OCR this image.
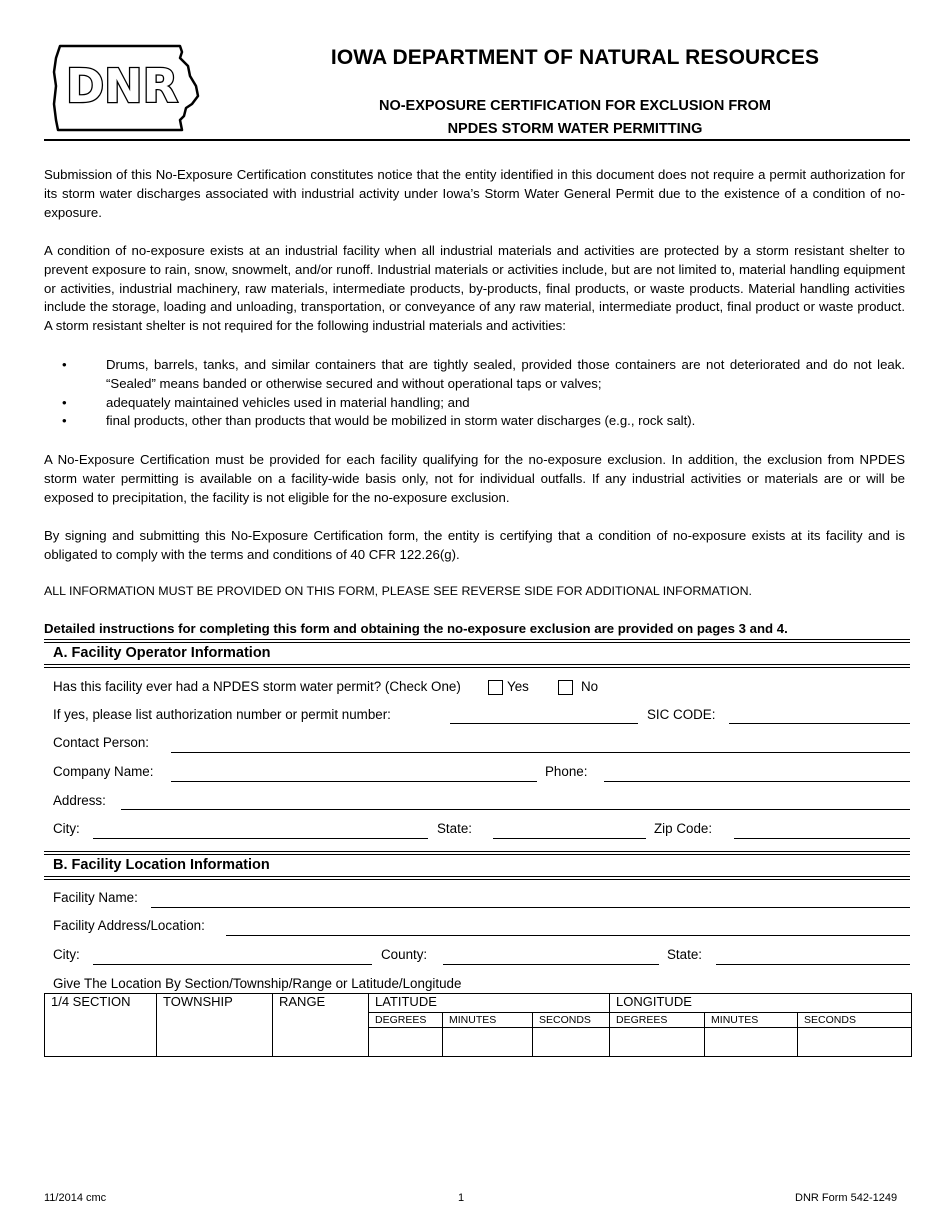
DNR
IOWA DEPARTMENT OF NATURAL RESOURCES
NO-EXPOSURE CERTIFICATION FOR EXCLUSION FROM
NPDES STORM WATER PERMITTING
Submission of this No-Exposure Certification constitutes notice that the entity identified in this document does not require a permit authorization for its storm water discharges associated with industrial activity under Iowa’s Storm Water General Permit due to the existence of a condition of no-exposure.
A condition of no-exposure exists at an industrial facility when all industrial materials and activities are protected by a storm resistant shelter to prevent exposure to rain, snow, snowmelt, and/or runoff. Industrial materials or activities include, but are not limited to, material handling equipment or activities, industrial machinery, raw materials, intermediate products, by-products, final products, or waste products. Material handling activities include the storage, loading and unloading, transportation, or conveyance of any raw material, intermediate product, final product or waste product. A storm resistant shelter is not required for the following industrial materials and activities:
•	Drums, barrels, tanks, and similar containers that are tightly sealed, provided those containers are not deteriorated and do not leak. “Sealed” means banded or otherwise secured and without operational taps or valves;
•	adequately maintained vehicles used in material handling; and
•	final products, other than products that would be mobilized in storm water discharges (e.g., rock salt).
A No-Exposure Certification must be provided for each facility qualifying for the no-exposure exclusion. In addition, the exclusion from NPDES storm water permitting is available on a facility-wide basis only, not for individual outfalls. If any industrial activities or materials are or will be exposed to precipitation, the facility is not eligible for the no-exposure exclusion.
By signing and submitting this No-Exposure Certification form, the entity is certifying that a condition of no-exposure exists at its facility and is obligated to comply with the terms and conditions of 40 CFR 122.26(g).
ALL INFORMATION MUST BE PROVIDED ON THIS FORM, PLEASE SEE REVERSE SIDE FOR ADDITIONAL INFORMATION.
Detailed instructions for completing this form and obtaining the no-exposure exclusion are provided on pages 3 and 4.
A. Facility Operator Information
Has this facility ever had a NPDES storm water permit? (Check One)	Yes	No
If yes, please list authorization number or permit number:	SIC CODE:
Contact Person:
Company Name:	Phone:
Address:
City:	State:	Zip Code:
B. Facility Location Information
Facility Name:
Facility Address/Location:
City:	County:	State:
Give The Location By Section/Township/Range or Latitude/Longitude
1/4 SECTION	TOWNSHIP	RANGE	LATITUDE			LONGITUDE		
			DEGREES	MINUTES	SECONDS	DEGREES	MINUTES	SECONDS

11/2014 cmc	1	DNR Form 542-1249
